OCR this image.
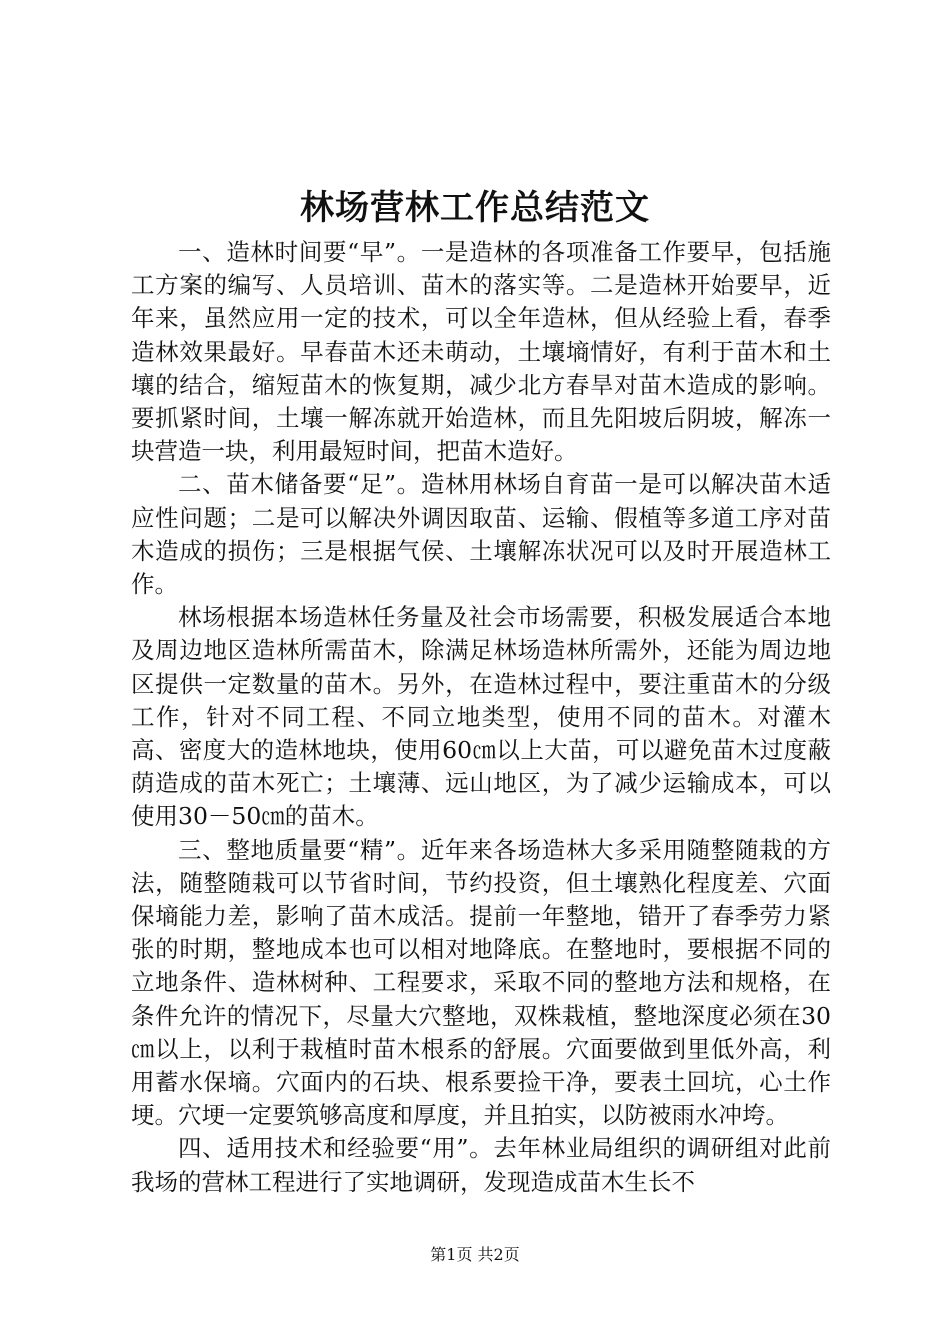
林场营林工作总结范文

一、造林时间要“早”。一是造林的各项准备工作要早，包括施工方案的编写、人员培训、苗木的落实等。二是造林开始要早，近年来，虽然应用一定的技术，可以全年造林，但从经验上看，春季造林效果最好。早春苗木还未萌动，土壤墒情好，有利于苗木和土壤的结合，缩短苗木的恢复期，减少北方春旱对苗木造成的影响。要抓紧时间，土壤一解冻就开始造林，而且先阳坡后阴坡，解冻一块营造一块，利用最短时间，把苗木造好。

二、苗木储备要“足”。造林用林场自育苗一是可以解决苗木适应性问题；二是可以解决外调因取苗、运输、假植等多道工序对苗木造成的损伤；三是根据气侯、土壤解冻状况可以及时开展造林工作。

林场根据本场造林任务量及社会市场需要，积极发展适合本地及周边地区造林所需苗木，除满足林场造林所需外，还能为周边地区提供一定数量的苗木。另外，在造林过程中，要注重苗木的分级工作，针对不同工程、不同立地类型，使用不同的苗木。对灌木高、密度大的造林地块，使用60㎝以上大苗，可以避免苗木过度蔽荫造成的苗木死亡；土壤薄、远山地区，为了减少运输成本，可以使用30－50㎝的苗木。

三、整地质量要“精”。近年来各场造林大多采用随整随栽的方法，随整随栽可以节省时间，节约投资，但土壤熟化程度差、穴面保墒能力差，影响了苗木成活。提前一年整地，错开了春季劳力紧张的时期，整地成本也可以相对地降底。在整地时，要根据不同的立地条件、造林树种、工程要求，采取不同的整地方法和规格，在条件允许的情况下，尽量大穴整地，双株栽植，整地深度必须在30㎝以上，以利于栽植时苗木根系的舒展。穴面要做到里低外高，利用蓄水保墒。穴面内的石块、根系要捡干净，要表土回坑，心土作埂。穴埂一定要筑够高度和厚度，并且拍实，以防被雨水冲垮。

四、适用技术和经验要“用”。去年林业局组织的调研组对此前我场的营林工程进行了实地调研，发现造成苗木生长不

第1页 共2页
